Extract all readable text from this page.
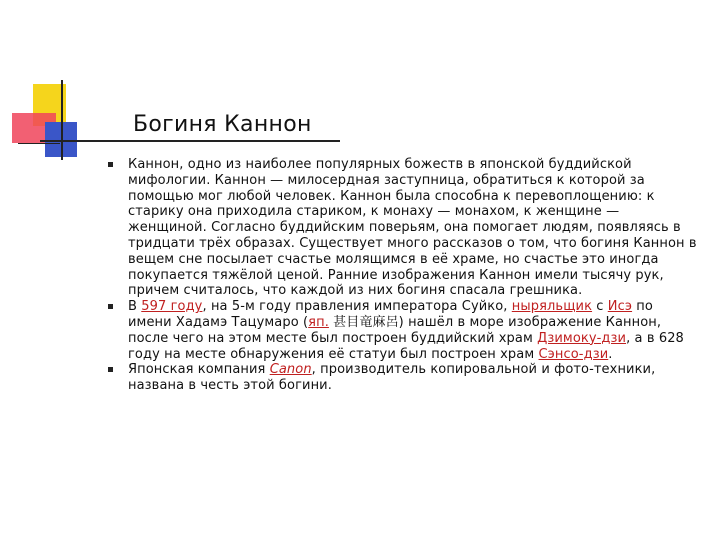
Богиня Каннон
Каннон, одно из наиболее популярных божеств в японской буддийской мифологии. Каннон — милосердная заступница, обратиться к которой за помощью мог любой человек. Каннон была способна к перевоплощению: к старику она приходила стариком, к монаху — монахом, к женщине — женщиной. Согласно буддийским поверьям, она помогает людям, появляясь в тридцати трёх образах. Существует много рассказов о том, что богиня Каннон в вещем сне посылает счастье молящимся в её храме, но счастье это иногда покупается тяжёлой ценой. Ранние изображения Каннон имели тысячу рук, причем считалось, что каждой из них богиня спасала грешника.
В 597 году, на 5-м году правления императора Суйко, ныряльщик с Исэ по имени Хадамэ Тацумаро (яп. 甚目竜麻呂) нашёл в море изображение Каннон, после чего на этом месте был построен буддийский храм Дзимоку-дзи, а в 628 году на месте обнаружения её статуи был построен храм Сэнсо-дзи.
Японская компания Canon, производитель копировальной и фото-техники, названа в честь этой богини.
